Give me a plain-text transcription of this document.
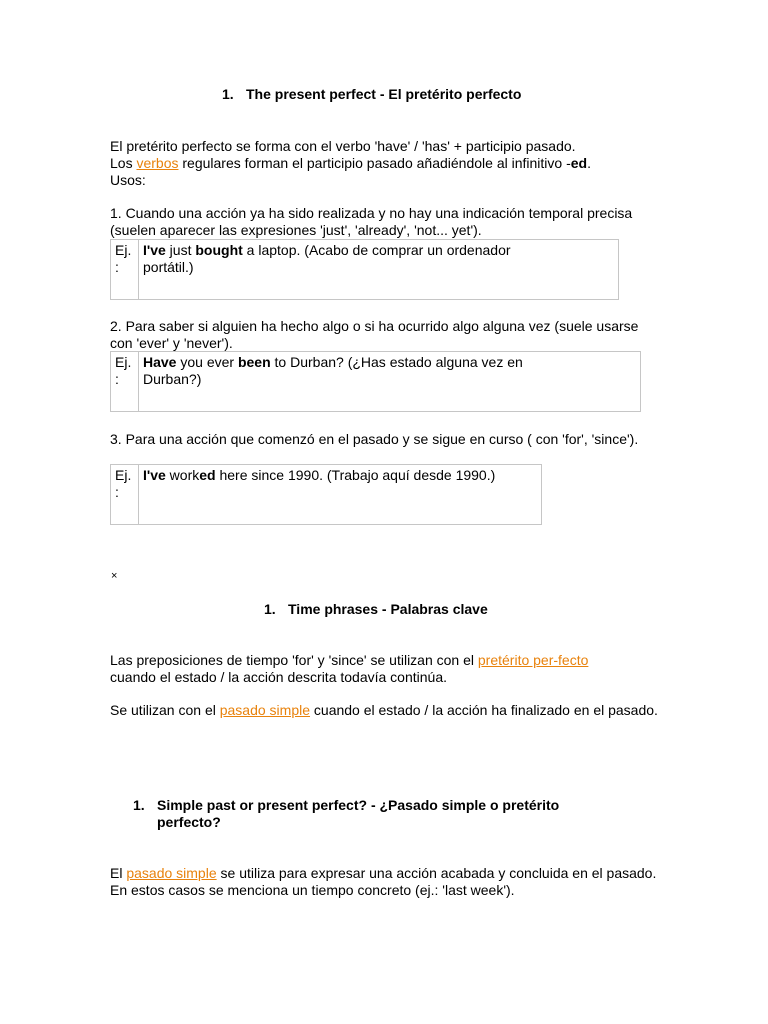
1. The present perfect - El pretérito perfecto
El pretérito perfecto se forma con el verbo 'have' / 'has' + participio pasado.
Los verbos regulares forman el participio pasado añadiéndole al infinitivo -ed.
Usos:
1. Cuando una acción ya ha sido realizada y no hay una indicación temporal precisa (suelen aparecer las expresiones 'just', 'already', 'not... yet').
Ej. :	I've just bought a laptop. (Acabo de comprar un ordenador portátil.)
2. Para saber si alguien ha hecho algo o si ha ocurrido algo alguna vez (suele usarse con 'ever' y 'never').
Ej. :	Have you ever been to Durban? (¿Has estado alguna vez en Durban?)
3. Para una acción que comenzó en el pasado y se sigue en curso ( con 'for', 'since').
Ej. :	I've worked here since 1990. (Trabajo aquí desde 1990.)
×
1. Time phrases - Palabras clave
Las preposiciones de tiempo 'for' y 'since' se utilizan con el pretérito per-fecto cuando el estado / la acción descrita todavía continúa.
Se utilizan con el pasado simple cuando el estado / la acción ha finalizado en el pasado.
1. Simple past or present perfect? - ¿Pasado simple o pretérito perfecto?
El pasado simple se utiliza para expresar una acción acabada y concluida en el pasado. En estos casos se menciona un tiempo concreto (ej.: 'last week').
